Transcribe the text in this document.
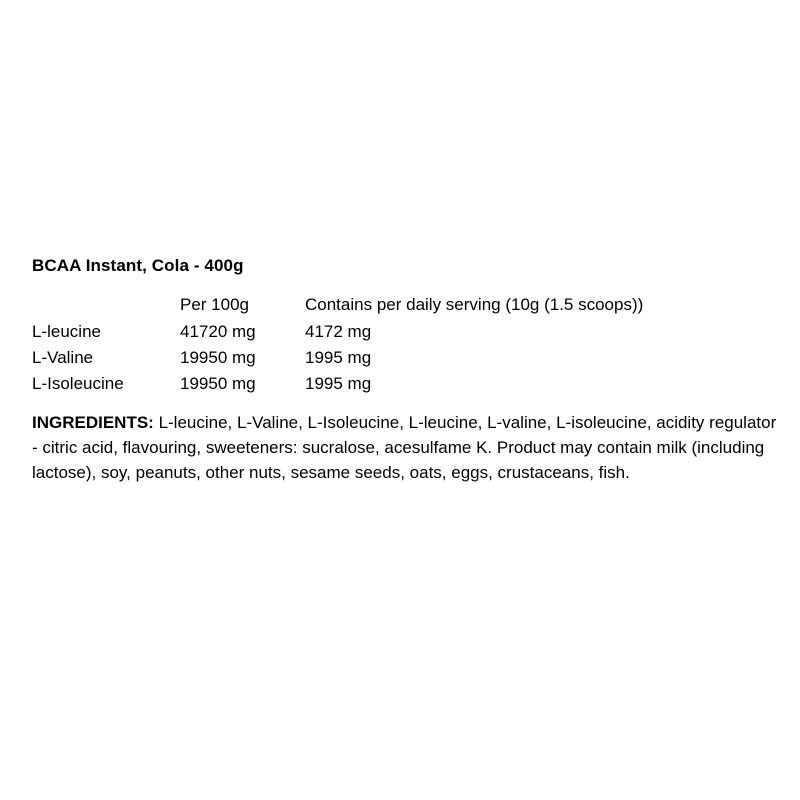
BCAA Instant, Cola - 400g
	Per 100g	Contains per daily serving (10g (1.5 scoops))
L-leucine	41720 mg	4172 mg
L-Valine	19950 mg	1995 mg
L-Isoleucine	19950 mg	1995 mg

INGREDIENTS: L-leucine, L-Valine, L-Isoleucine, L-leucine, L-valine, L-isoleucine, acidity regulator - citric acid, flavouring, sweeteners: sucralose, acesulfame K. Product may contain milk (including lactose), soy, peanuts, other nuts, sesame seeds, oats, eggs, crustaceans, fish.
